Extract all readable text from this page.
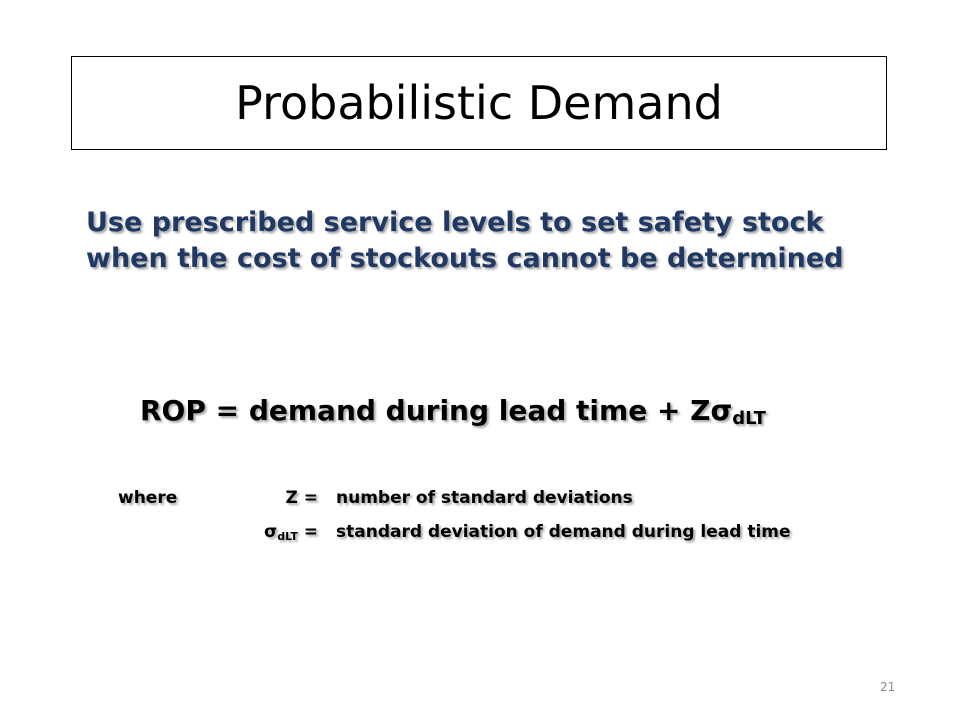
Probabilistic Demand
Use prescribed service levels to set safety stock
when the cost of stockouts cannot be determined
ROP = demand during lead time + $Z\sigma_{dLT}$
where	Z = number of standard deviations
$\sigma_{dLT}$ = standard deviation of demand during lead time
21
